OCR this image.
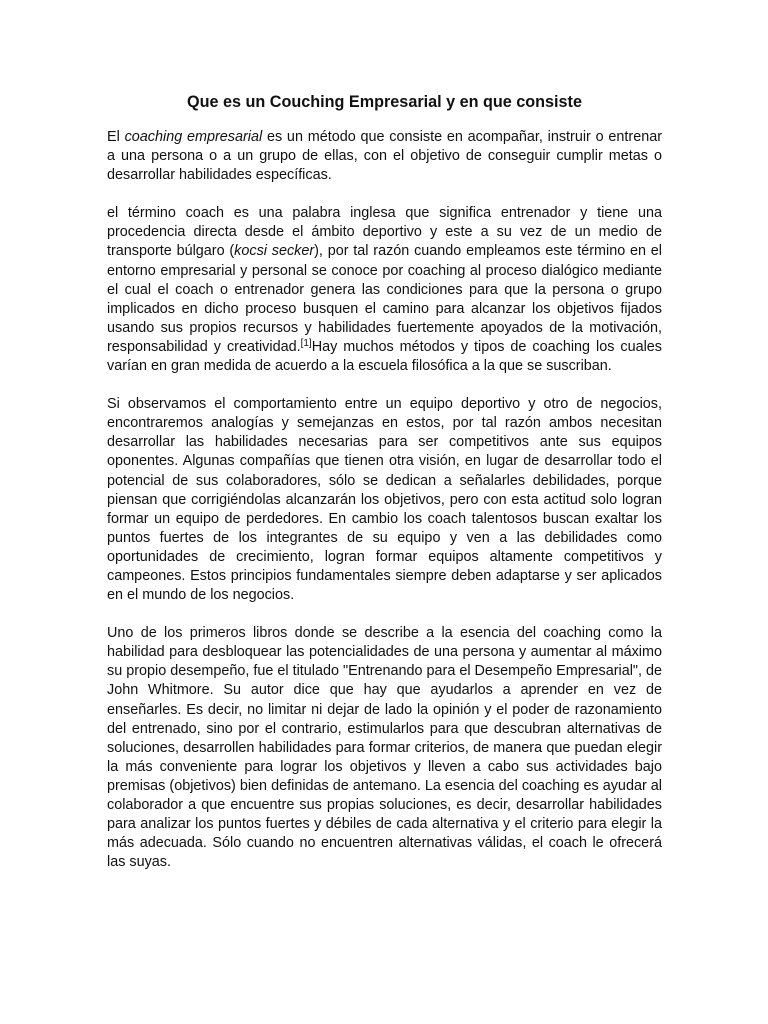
Que es un Couching Empresarial y en que consiste

El coaching empresarial es un método que consiste en acompañar, instruir o entrenar a una persona o a un grupo de ellas, con el objetivo de conseguir cumplir metas o desarrollar habilidades específicas.

el término coach es una palabra inglesa que significa entrenador y tiene una procedencia directa desde el ámbito deportivo y este a su vez de un medio de transporte búlgaro (kocsi secker), por tal razón cuando empleamos este término en el entorno empresarial y personal se conoce por coaching al proceso dialógico mediante el cual el coach o entrenador genera las condiciones para que la persona o grupo implicados en dicho proceso busquen el camino para alcanzar los objetivos fijados usando sus propios recursos y habilidades fuertemente apoyados de la motivación, responsabilidad y creatividad.[1]Hay muchos métodos y tipos de coaching los cuales varían en gran medida de acuerdo a la escuela filosófica a la que se suscriban.

Si observamos el comportamiento entre un equipo deportivo y otro de negocios, encontraremos analogías y semejanzas en estos, por tal razón ambos necesitan desarrollar las habilidades necesarias para ser competitivos ante sus equipos oponentes. Algunas compañías que tienen otra visión, en lugar de desarrollar todo el potencial de sus colaboradores, sólo se dedican a señalarles debilidades, porque piensan que corrigiéndolas alcanzarán los objetivos, pero con esta actitud solo logran formar un equipo de perdedores. En cambio los coach talentosos buscan exaltar los puntos fuertes de los integrantes de su equipo y ven a las debilidades como oportunidades de crecimiento, logran formar equipos altamente competitivos y campeones. Estos principios fundamentales siempre deben adaptarse y ser aplicados en el mundo de los negocios.

Uno de los primeros libros donde se describe a la esencia del coaching como la habilidad para desbloquear las potencialidades de una persona y aumentar al máximo su propio desempeño, fue el titulado "Entrenando para el Desempeño Empresarial", de John Whitmore. Su autor dice que hay que ayudarlos a aprender en vez de enseñarles. Es decir, no limitar ni dejar de lado la opinión y el poder de razonamiento del entrenado, sino por el contrario, estimularlos para que descubran alternativas de soluciones, desarrollen habilidades para formar criterios, de manera que puedan elegir la más conveniente para lograr los objetivos y lleven a cabo sus actividades bajo premisas (objetivos) bien definidas de antemano. La esencia del coaching es ayudar al colaborador a que encuentre sus propias soluciones, es decir, desarrollar habilidades para analizar los puntos fuertes y débiles de cada alternativa y el criterio para elegir la más adecuada. Sólo cuando no encuentren alternativas válidas, el coach le ofrecerá las suyas.
